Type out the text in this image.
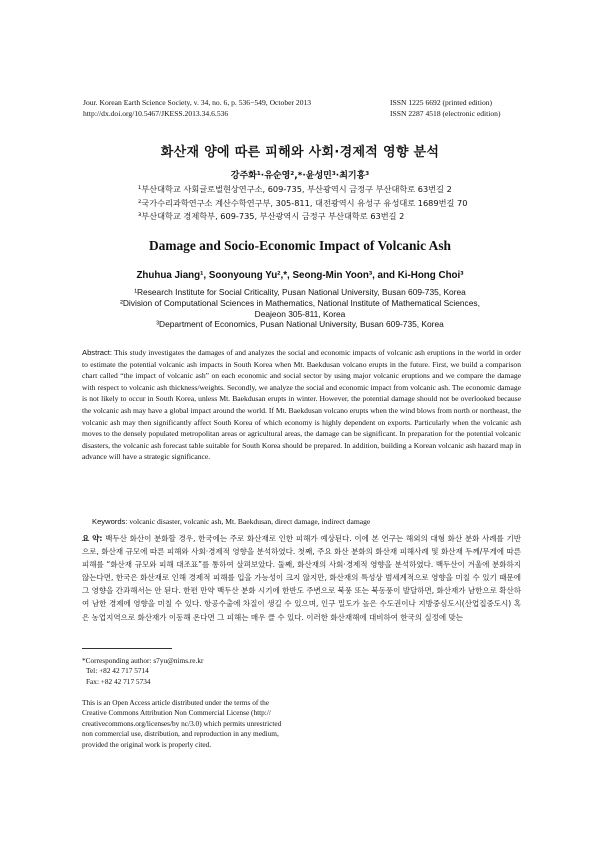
Jour. Korean Earth Science Society, v. 34, no. 6, p. 536−549, October 2013
http://dx.doi.org/10.5467/JKESS.2013.34.6.536
ISSN 1225 6692 (printed edition)
ISSN 2287 4518 (electronic edition)
화산재 양에 따른 피해와 사회·경제적 영향 분석
강주화¹·유순영²,*·윤성민³·최기홍³
¹부산대학교 사회글로벌현상연구소, 609-735, 부산광역시 금정구 부산대학로 63번길 2
²국가수리과학연구소 계산수학연구부, 305-811, 대전광역시 유성구 유성대로 1689번길 70
³부산대학교 경제학부, 609-735, 부산광역시 금정구 부산대학로 63번길 2
Damage and Socio-Economic Impact of Volcanic Ash
Zhuhua Jiang¹, Soonyoung Yu²,*, Seong-Min Yoon³, and Ki-Hong Choi³
¹Research Institute for Social Criticality, Pusan National University, Busan 609-735, Korea
²Division of Computational Sciences in Mathematics, National Institute of Mathematical Sciences,
Deajeon 305-811, Korea
³Department of Economics, Pusan National University, Busan 609-735, Korea
Abstract: This study investigates the damages of and analyzes the social and economic impacts of volcanic ash eruptions in the world in order to estimate the potential volcanic ash impacts in South Korea when Mt. Baekdusan volcano erupts in the future. First, we build a comparison chart called “the impact of volcanic ash” on each economic and social sector by using major volcanic eruptions and we compare the damage with respect to volcanic ash thickness/weights. Secondly, we analyze the social and economic impact from volcanic ash. The economic damage is not likely to occur in South Korea, unless Mt. Baekdusan erupts in winter. However, the potential damage should not be overlooked because the volcanic ash may have a global impact around the world. If Mt. Baekdusan volcano erupts when the wind blows from north or northeast, the volcanic ash may then significantly affect South Korea of which economy is highly dependent on exports. Particularly when the volcanic ash moves to the densely populated metropolitan areas or agricultural areas, the damage can be significant. In preparation for the potential volcanic disasters, the volcanic ash forecast table suitable for South Korea should be prepared. In addition, building a Korean volcanic ash hazard map in advance will have a strategic significance.
Keywords: volcanic disaster, volcanic ash, Mt. Baekdusan, direct damage, indirect damage
요 약: 백두산 화산이 분화할 경우, 한국에는 주로 화산재로 인한 피해가 예상된다. 이에 본 연구는 해외의 대형 화산 분화 사례를 기반으로, 화산재 규모에 따른 피해와 사회·경제적 영향을 분석하였다. 첫째, 주요 화산 분화의 화산재 피해사례 및 화산재 두께/무게에 따른 피해를 “화산재 규모와 피해 대조표”를 통하여 살펴보았다. 둘째, 화산재의 사회·경제적 영향을 분석하였다. 백두산이 겨울에 분화하지 않는다면, 한국은 화산재로 인해 경제적 피해를 입을 가능성이 크지 않지만, 화산재의 특성상 범세계적으로 영향을 미칠 수 있기 때문에 그 영향을 간과해서는 안 된다. 한편 만약 백두산 분화 시기에 한반도 주변으로 북풍 또는 북동풍이 발달하면, 화산재가 남한으로 확산하여 남한 경제에 영향을 미칠 수 있다. 항공수출에 차질이 생길 수 있으며, 인구 밀도가 높은 수도권이나 지방중심도시(산업집중도시) 혹은 농업지역으로 화산재가 이동해 온다면 그 피해는 매우 클 수 있다. 이러한 화산재해에 대비하여 한국의 실정에 맞는
*Corresponding author: s7yu@nims.re.kr
Tel: +82 42 717 5714
Fax: +82 42 717 5734
This is an Open Access article distributed under the terms of the
Creative Commons Attribution Non Commercial License (http://
creativecommons.org/licenses/by nc/3.0) which permits unrestricted
non commercial use, distribution, and reproduction in any medium,
provided the original work is properly cited.
